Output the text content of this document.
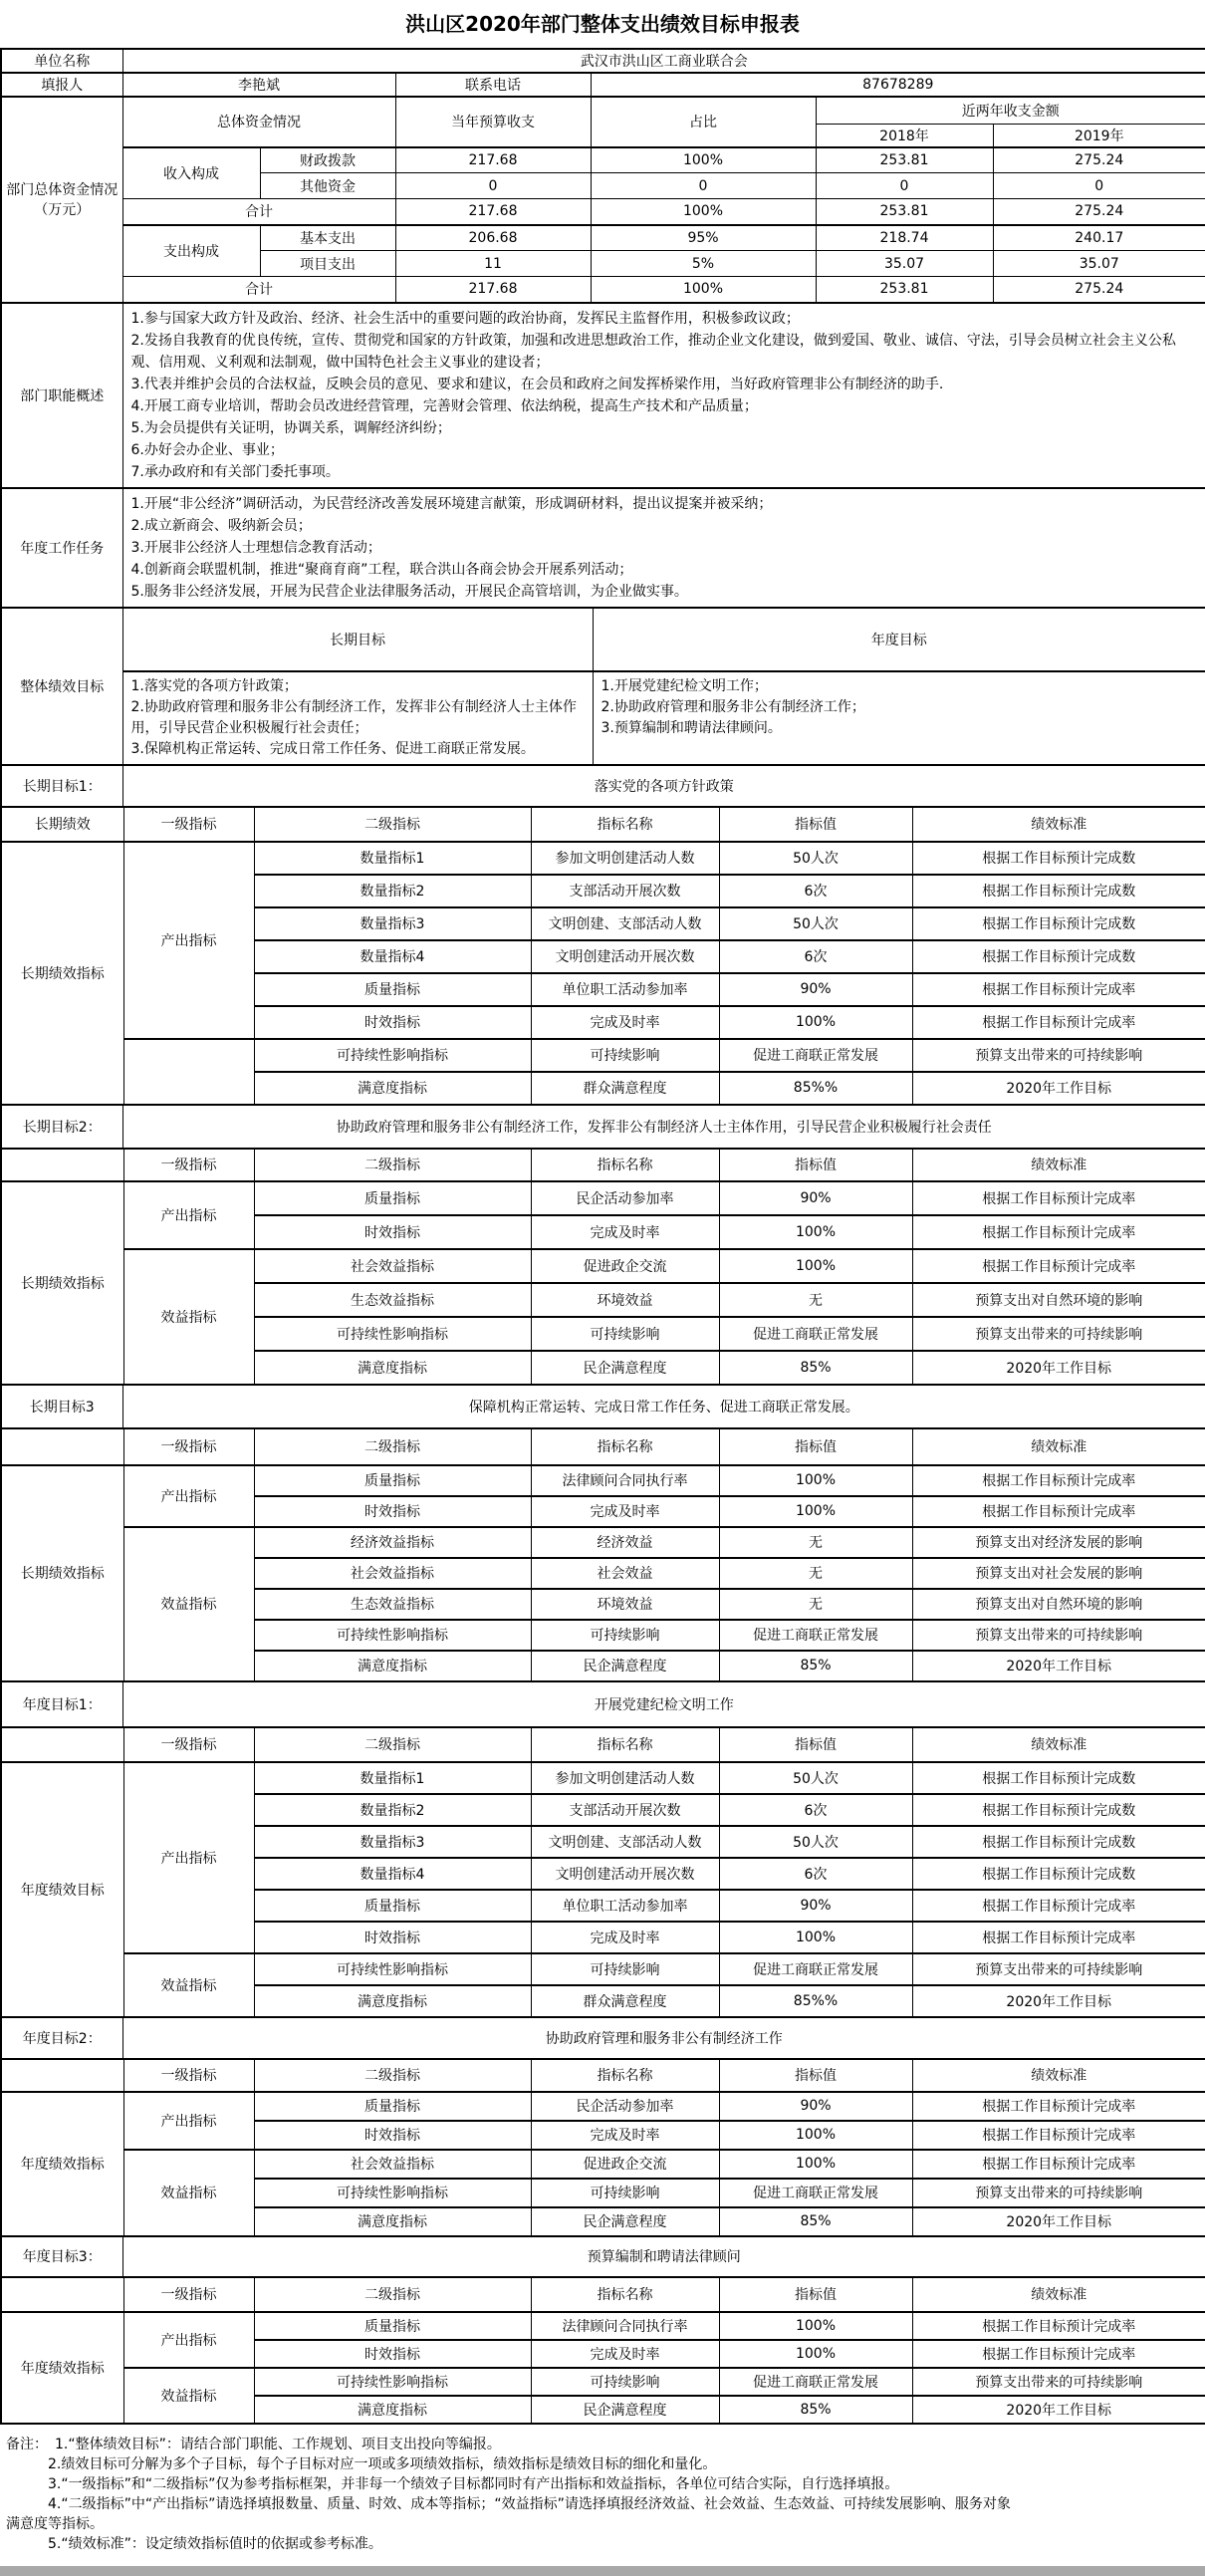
洪山区2020年部门整体支出绩效目标申报表
单位名称	武汉市洪山区工商业联合会					
填报人	李艳斌		联系电话	87678289		
部门总体资金情况（万元）	总体资金情况		当年预算收支	占比	近两年收支金额	
					2018年	2019年
	收入构成	财政拨款	217.68	100%	253.81	275.24
		其他资金	0	0	0	0
	合计		217.68	100%	253.81	275.24
	支出构成	基本支出	206.68	95%	218.74	240.17
		项目支出	11	5%	35.07	35.07
	合计		217.68	100%	253.81	275.24
部门职能概述	
1.参与国家大政方针及政治、经济、社会生活中的重要问题的政治协商，发挥民主监督作用，积极参政议政；
2.发扬自我教育的优良传统，宣传、贯彻党和国家的方针政策，加强和改进思想政治工作，推动企业文化建设，做到爱国、敬业、诚信、守法，引导会员树立社会主义公私观、信用观、义利观和法制观，做中国特色社会主义事业的建设者；
3.代表并维护会员的合法权益，反映会员的意见、要求和建议，在会员和政府之间发挥桥梁作用，当好政府管理非公有制经济的助手.
4.开展工商专业培训，帮助会员改进经营管理，完善财会管理、依法纳税，提高生产技术和产品质量；
5.为会员提供有关证明，协调关系，调解经济纠纷；
6.办好会办企业、事业；
7.承办政府和有关部门委托事项。
年度工作任务	
1.开展“非公经济”调研活动，为民营经济改善发展环境建言献策，形成调研材料，提出议提案并被采纳；
2.成立新商会、吸纳新会员；
3.开展非公经济人士理想信念教育活动；
4.创新商会联盟机制，推进“聚商育商”工程，联合洪山各商会协会开展系列活动；
5.服务非公经济发展，开展为民营企业法律服务活动，开展民企高管培训，为企业做实事。
整体绩效目标	长期目标	年度目标

1.落实党的各项方针政策；
2.协助政府管理和服务非公有制经济工作，发挥非公有制经济人士主体作用，引导民营企业积极履行社会责任；
3.保障机构正常运转、完成日常工作任务、促进工商联正常发展。

1.开展党建纪检文明工作；
2.协助政府管理和服务非公有制经济工作；
3.预算编制和聘请法律顾问。
长期目标1：	落实党的各项方针政策
长期绩效	一级指标	二级指标	指标名称	指标值	绩效标准
长期绩效指标	产出指标	数量指标1	参加文明创建活动人数	50人次	根据工作目标预计完成数
		数量指标2	支部活动开展次数	6次	根据工作目标预计完成数
		数量指标3	文明创建、支部活动人数	50人次	根据工作目标预计完成数
		数量指标4	文明创建活动开展次数	6次	根据工作目标预计完成数
		质量指标	单位职工活动参加率	90%	根据工作目标预计完成率
		时效指标	完成及时率	100%	根据工作目标预计完成率
		可持续性影响指标	可持续影响	促进工商联正常发展	预算支出带来的可持续影响
		满意度指标	群众满意程度	85%%	2020年工作目标
长期目标2：	协助政府管理和服务非公有制经济工作，发挥非公有制经济人士主体作用，引导民营企业积极履行社会责任
	一级指标	二级指标	指标名称	指标值	绩效标准
长期绩效指标	产出指标	质量指标	民企活动参加率	90%	根据工作目标预计完成率
		时效指标	完成及时率	100%	根据工作目标预计完成率
	效益指标	社会效益指标	促进政企交流	100%	根据工作目标预计完成率
		生态效益指标	环境效益	无	预算支出对自然环境的影响
		可持续性影响指标	可持续影响	促进工商联正常发展	预算支出带来的可持续影响
		满意度指标	民企满意程度	85%	2020年工作目标
长期目标3	保障机构正常运转、完成日常工作任务、促进工商联正常发展。
	一级指标	二级指标	指标名称	指标值	绩效标准
长期绩效指标	产出指标	质量指标	法律顾问合同执行率	100%	根据工作目标预计完成率
		时效指标	完成及时率	100%	根据工作目标预计完成率
	效益指标	经济效益指标	经济效益	无	预算支出对经济发展的影响
		社会效益指标	社会效益	无	预算支出对社会发展的影响
		生态效益指标	环境效益	无	预算支出对自然环境的影响
		可持续性影响指标	可持续影响	促进工商联正常发展	预算支出带来的可持续影响
		满意度指标	民企满意程度	85%	2020年工作目标
年度目标1：	开展党建纪检文明工作
	一级指标	二级指标	指标名称	指标值	绩效标准
年度绩效目标	产出指标	数量指标1	参加文明创建活动人数	50人次	根据工作目标预计完成数
		数量指标2	支部活动开展次数	6次	根据工作目标预计完成数
		数量指标3	文明创建、支部活动人数	50人次	根据工作目标预计完成数
		数量指标4	文明创建活动开展次数	6次	根据工作目标预计完成数
		质量指标	单位职工活动参加率	90%	根据工作目标预计完成率
		时效指标	完成及时率	100%	根据工作目标预计完成率
	效益指标	可持续性影响指标	可持续影响	促进工商联正常发展	预算支出带来的可持续影响
		满意度指标	群众满意程度	85%%	2020年工作目标
年度目标2：	协助政府管理和服务非公有制经济工作
	一级指标	二级指标	指标名称	指标值	绩效标准
年度绩效指标	产出指标	质量指标	民企活动参加率	90%	根据工作目标预计完成率
		时效指标	完成及时率	100%	根据工作目标预计完成率
	效益指标	社会效益指标	促进政企交流	100%	根据工作目标预计完成率
		可持续性影响指标	可持续影响	促进工商联正常发展	预算支出带来的可持续影响
		满意度指标	民企满意程度	85%	2020年工作目标
年度目标3：	预算编制和聘请法律顾问
	一级指标	二级指标	指标名称	指标值	绩效标准
年度绩效指标	产出指标	质量指标	法律顾问合同执行率	100%	根据工作目标预计完成率
		时效指标	完成及时率	100%	根据工作目标预计完成率
	效益指标	可持续性影响指标	可持续影响	促进工商联正常发展	预算支出带来的可持续影响
		满意度指标	民企满意程度	85%	2020年工作目标
备注：　1.“整体绩效目标”：请结合部门职能、工作规划、项目支出投向等编报。
2.绩效目标可分解为多个子目标，每个子目标对应一项或多项绩效指标，绩效指标是绩效目标的细化和量化。
3.“一级指标”和“二级指标”仅为参考指标框架，并非每一个绩效子目标都同时有产出指标和效益指标，各单位可结合实际，自行选择填报。
4.“二级指标”中“产出指标”请选择填报数量、质量、时效、成本等指标；“效益指标”请选择填报经济效益、社会效益、生态效益、可持续发展影响、服务对象
满意度等指标。
5.“绩效标准”：设定绩效指标值时的依据或参考标准。
